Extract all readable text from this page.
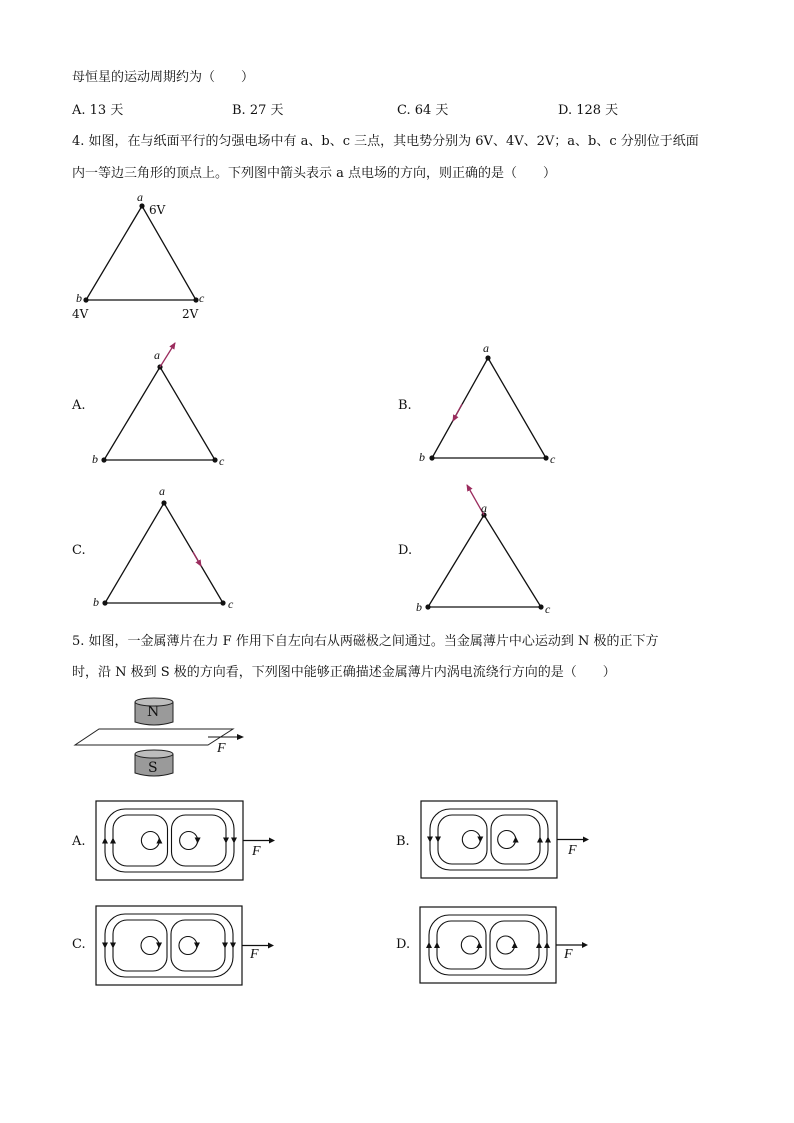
母恒星的运动周期约为（　　）
A. 13 天	B. 27 天	C. 64 天	D. 128 天
4. 如图，在与纸面平行的匀强电场中有 a、b、c 三点，其电势分别为 6V、4V、2V；a、b、c 分别位于纸面
内一等边三角形的顶点上。下列图中箭头表示 a 点电场的方向，则正确的是（　　）
a
6V
b
4V
c
2V
A.	B.
C.	D.
a
b	c
a
b	c
a
b	c
a
b	c
5. 如图，一金属薄片在力 F 作用下自左向右从两磁极之间通过。当金属薄片中心运动到 N 极的正下方
时，沿 N 极到 S 极的方向看，下列图中能够正确描述金属薄片内涡电流绕行方向的是（　　）
N
S
F
A.	B.
C.	D.
F	F
F	F
